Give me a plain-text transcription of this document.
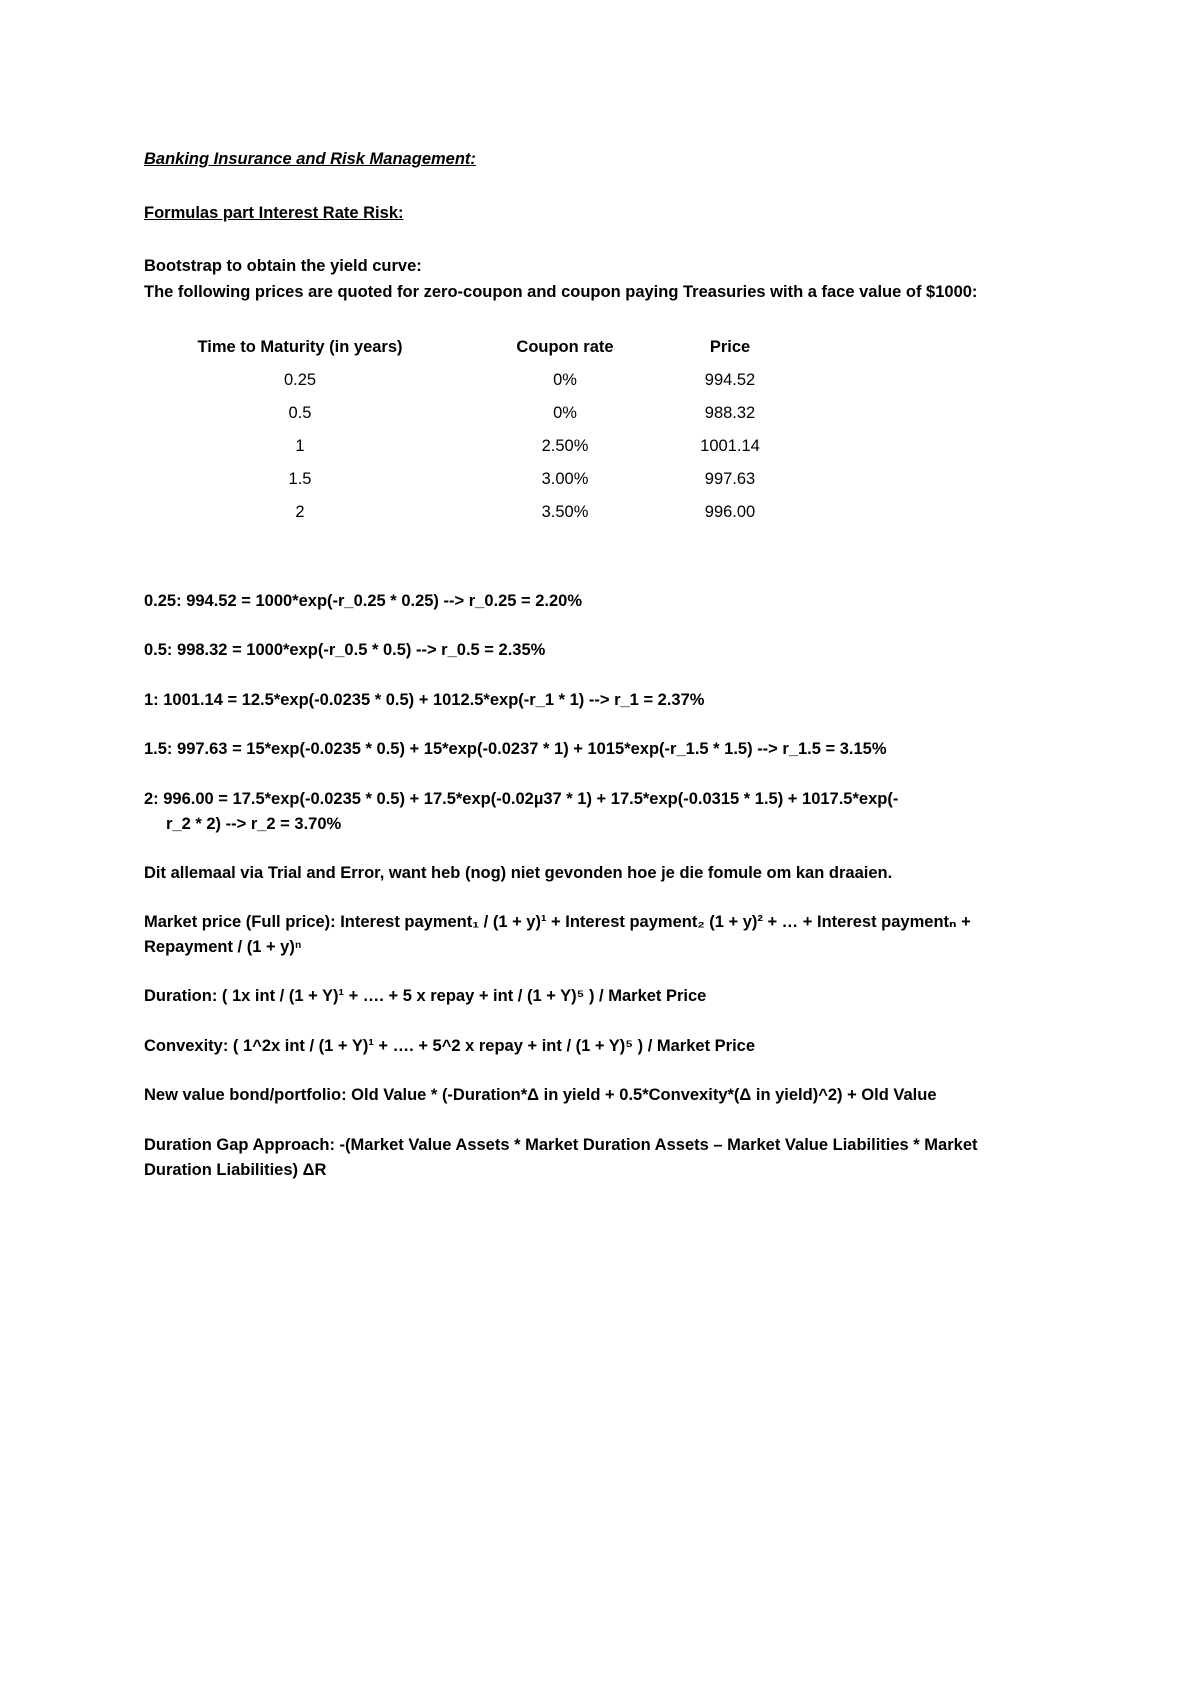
Banking Insurance and Risk Management:
Formulas part Interest Rate Risk:
Bootstrap to obtain the yield curve:
The following prices are quoted for zero-coupon and coupon paying Treasuries with a face value of $1000:
Time to Maturity (in years)	Coupon rate	Price
0.25	0%	994.52
0.5	0%	988.32
1	2.50%	1001.14
1.5	3.00%	997.63
2	3.50%	996.00
0.25: 994.52 = 1000*exp(-r_0.25 * 0.25) --> r_0.25 = 2.20%
0.5: 998.32 = 1000*exp(-r_0.5 * 0.5) --> r_0.5 = 2.35%
1: 1001.14 = 12.5*exp(-0.0235 * 0.5) + 1012.5*exp(-r_1 * 1) --> r_1 = 2.37%
1.5: 997.63 = 15*exp(-0.0235 * 0.5) + 15*exp(-0.0237 * 1) + 1015*exp(-r_1.5 * 1.5) --> r_1.5 = 3.15%
2: 996.00 = 17.5*exp(-0.0235 * 0.5) + 17.5*exp(-0.02µ37 * 1) + 17.5*exp(-0.0315 * 1.5) + 1017.5*exp(-
r_2 * 2) --> r_2 = 3.70%
Dit allemaal via Trial and Error, want heb (nog) niet gevonden hoe je die fomule om kan draaien.
Market price (Full price): Interest payment₁ / (1 + y)¹ + Interest payment₂ (1 + y)² + … + Interest paymentₙ +
Repayment / (1 + y)ⁿ
Duration: ( 1x int / (1 + Y)¹ + …. + 5 x repay + int / (1 + Y)⁵ ) / Market Price
Convexity: ( 1^2x int / (1 + Y)¹ + …. + 5^2 x repay + int / (1 + Y)⁵ ) / Market Price
New value bond/portfolio: Old Value * (-Duration*Δ in yield + 0.5*Convexity*(Δ in yield)^2) + Old Value
Duration Gap Approach: -(Market Value Assets * Market Duration Assets – Market Value Liabilities * Market
Duration Liabilities) ΔR
